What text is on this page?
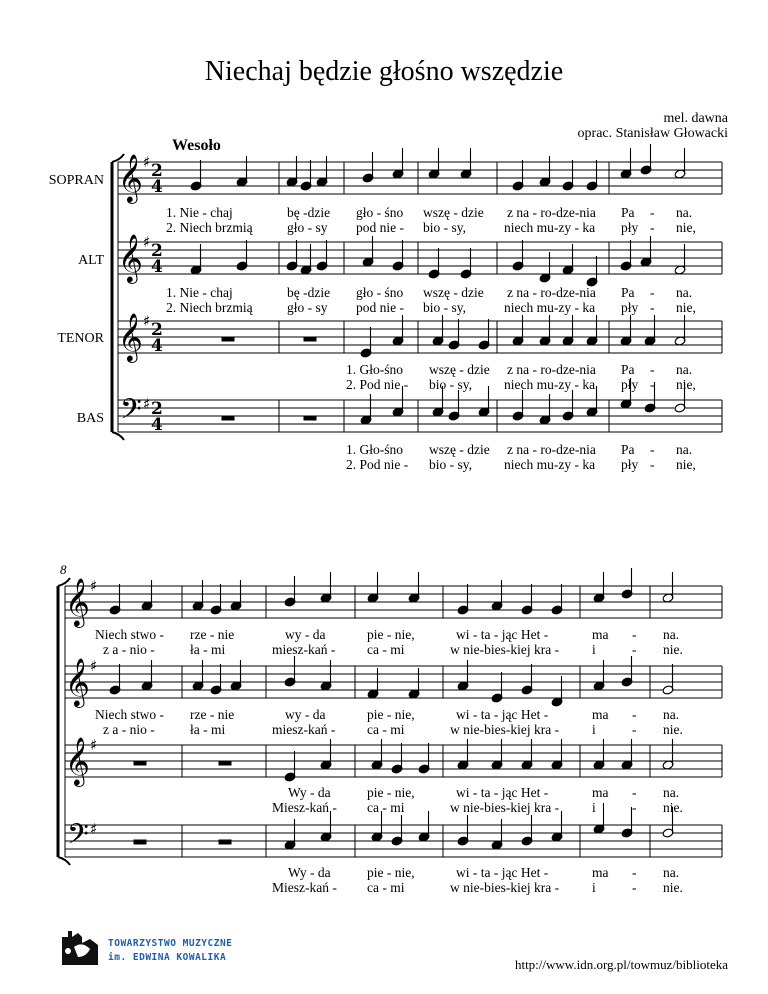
Niechaj będzie głośno wszędzie
mel. dawna
oprac. Stanisław Głowacki
Wesoło
SOPRAN
ALT
TENOR
BAS
8
𝄞 ♯ 2
4
𝄞 ♯ 2
4
𝄞 ♯ 2
4
𝄢 ♯ 2
4
𝄞 ♯
𝄞 ♯
𝄞 ♯
𝄢 ♯
1. Nie - chaj	bę -dzie gło - śno wszę - dzie z na - ro-dze-nia Pa - na.
2. Niech brzmią	gło - sy pod nie - bio - sy,	niech mu-zy - ka pły - nie,
1. Nie - chaj	bę -dzie gło - śno wszę - dzie z na - ro-dze-nia Pa - na.
2. Niech brzmią	gło - sy pod nie - bio - sy,	niech mu-zy - ka pły - nie,
1. Gło-śno wszę - dzie z na - ro-dze-nia Pa - na.
2. Pod nie - bio - sy, niech mu-zy - ka pły - nie,
1. Gło-śno wszę - dzie z na - ro-dze-nia Pa - na.
2. Pod nie - bio - sy, niech mu-zy - ka pły - nie,
Niech stwo - rze - nie	wy - da	pie - nie,	wi - ta - jąc Het -	ma - na.
z a - nio -	ła - mi	miesz-kań - ca - mi	w nie-bies-kiej kra - i	- nie.
Niech stwo - rze - nie	wy - da	pie - nie,	wi - ta - jąc Het -	ma - na.
z a - nio -	ła - mi	miesz-kań - ca - mi	w nie-bies-kiej kra - i	- nie.
Wy - da	pie - nie,	wi - ta - jąc Het -	ma - na.
Miesz-kań - ca - mi	w nie-bies-kiej kra - i	- nie.
Wy - da	pie - nie,	wi - ta - jąc Het -	ma - na.
Miesz-kań - ca - mi	w nie-bies-kiej kra - i	- nie.
TOWARZYSTWO MUZYCZNE
im. EDWINA KOWALIKA	http://www.idn.org.pl/towmuz/biblioteka
